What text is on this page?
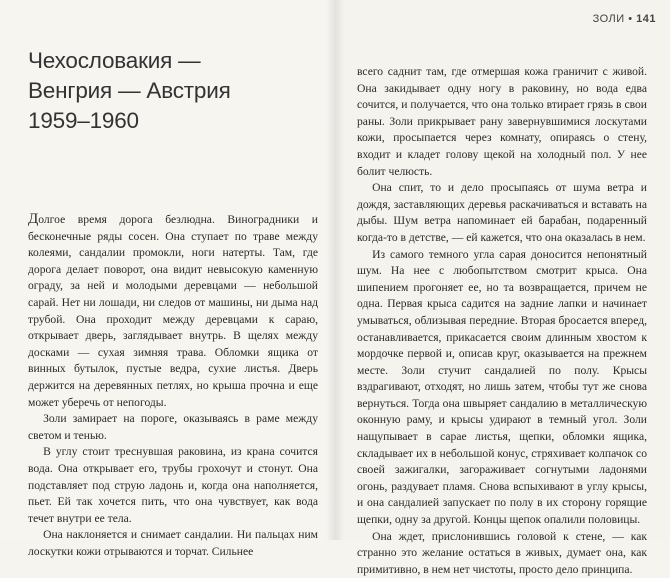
Чехословакия —
Венгрия — Австрия
1959–1960

Долгое время дорога безлюдна. Виноградники и бесконечные ряды сосен. Она ступает по траве между колеями, сандалии промокли, ноги натерты. Там, где дорога делает поворот, она видит невысокую каменную ограду, за ней и молодыми деревцами — небольшой сарай. Нет ни лошади, ни следов от машины, ни дыма над трубой. Она проходит между деревцами к сараю, открывает дверь, заглядывает внутрь. В щелях между досками — сухая зимняя трава. Обломки ящика от винных бутылок, пустые ведра, сухие листья. Дверь держится на деревянных петлях, но крыша прочна и еще может уберечь от непогоды.

Золи замирает на пороге, оказываясь в раме между светом и тенью.

В углу стоит треснувшая раковина, из крана сочится вода. Она открывает его, трубы грохочут и стонут. Она подставляет под струю ладонь и, когда она наполняется, пьет. Ей так хочется пить, что она чувствует, как вода течет внутри ее тела.

Она наклоняется и снимает сандалии. Ни пальцах ним лоскутки кожи отрываются и торчат. Сильнее

ЗОЛИ • 141

всего саднит там, где отмершая кожа граничит с живой. Она закидывает одну ногу в раковину, но вода едва сочится, и получается, что она только втирает грязь в свои раны. Золи прикрывает рану завернувшимися лоскутами кожи, просыпается через комнату, опираясь о стену, входит и кладет голову щекой на холодный пол. У нее болит челюсть.

Она спит, то и дело просыпаясь от шума ветра и дождя, заставляющих деревья раскачиваться и вставать на дыбы. Шум ветра напоминает ей барабан, подаренный когда-то в детстве, — ей кажется, что она оказалась в нем.

Из самого темного угла сарая доносится непонятный шум. На нее с любопытством смотрит крыса. Она шипением прогоняет ее, но та возвращается, причем не одна. Первая крыса садится на задние лапки и начинает умываться, облизывая передние. Вторая бросается вперед, останавливается, прикасается своим длинным хвостом к мордочке первой и, описав круг, оказывается на прежнем месте. Золи стучит сандалией по полу. Крысы вздрагивают, отходят, но лишь затем, чтобы тут же снова вернуться. Тогда она швыряет сандалию в металлическую оконную раму, и крысы удирают в темный угол. Золи нащупывает в сарае листья, щепки, обломки ящика, складывает их в небольшой конус, стряхивает колпачок со своей зажигалки, загораживает согнутыми ладонями огонь, раздувает пламя. Снова вспыхивают в углу крысы, и она сандалией запускает по полу в их сторону горящие щепки, одну за другой. Концы щепок опалили половицы.

Она ждет, прислонившись головой к стене, — как странно это желание остаться в живых, думает она, как примитивно, в нем нет чистоты, просто дело принципа.
